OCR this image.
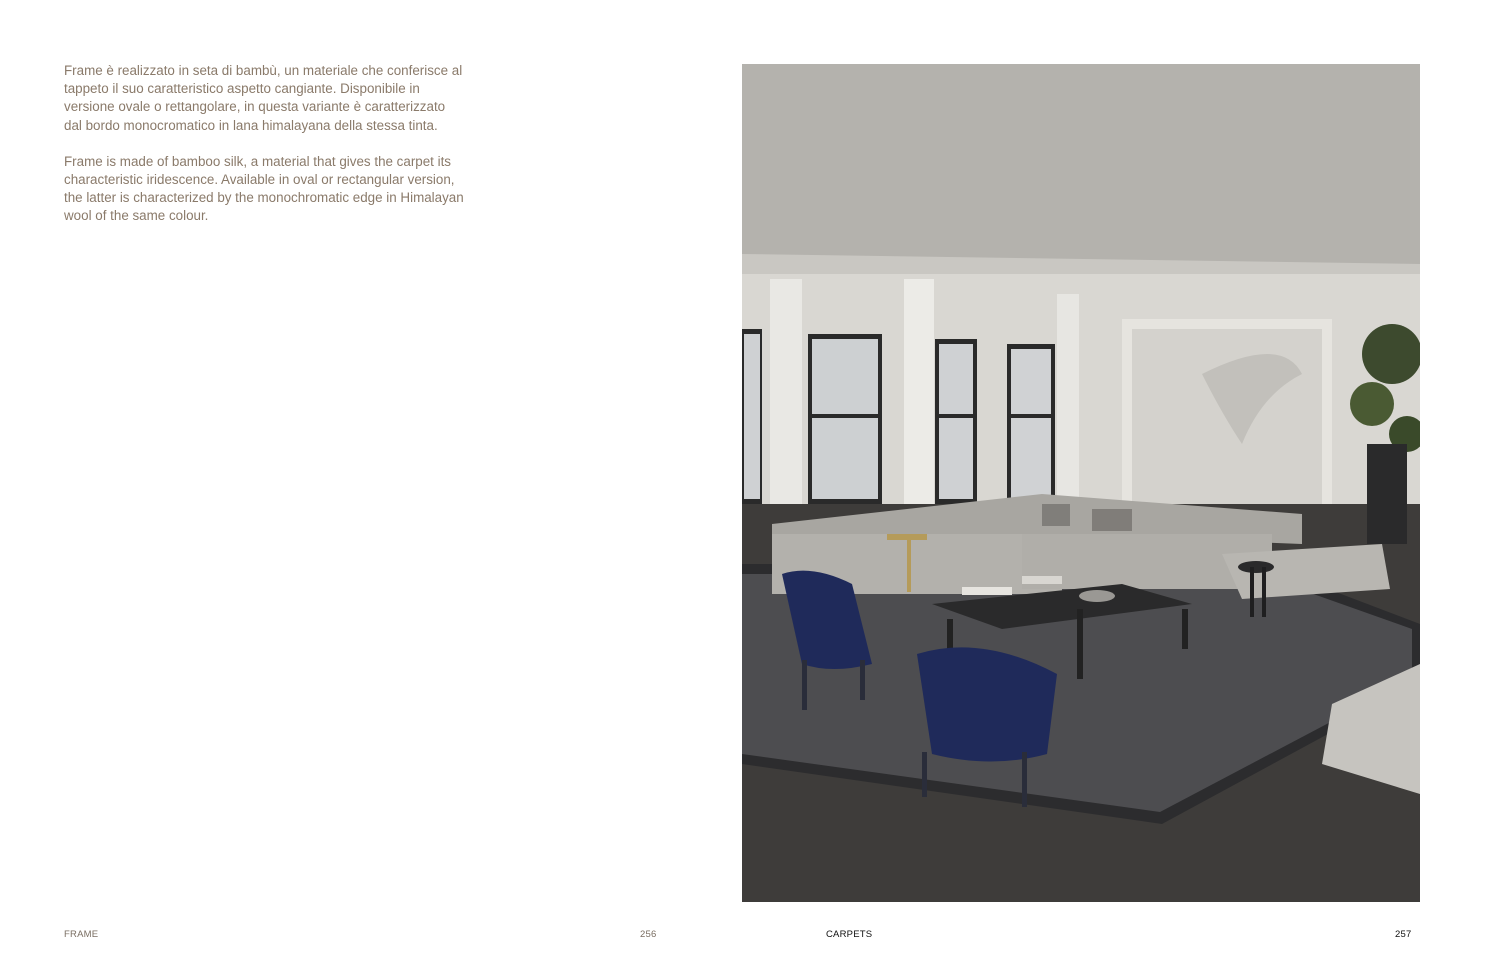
Frame è realizzato in seta di bambù, un materiale che conferisce al tappeto il suo caratteristico aspetto cangiante. Disponibile in versione ovale o rettangolare, in questa variante è caratterizzato dal bordo monocromatico in lana himalayana della stessa tinta.

Frame is made of bamboo silk, a material that gives the carpet its characteristic iridescence. Available in oval or rectangular version, the latter is characterized by the monochromatic edge in Himalayan wool of the same colour.

FRAME	256	CARPETS	257
